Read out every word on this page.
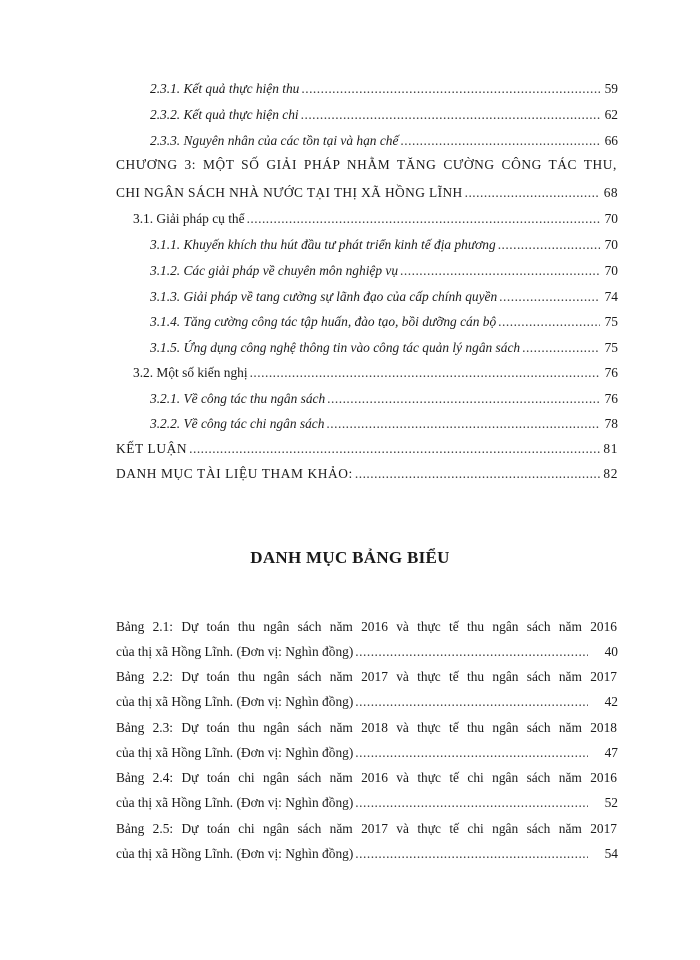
2.3.1. Kết quả thực hiện thu .....	59
2.3.2. Kết quả thực hiện chi .....	62
2.3.3. Nguyên nhân của các tồn tại và hạn chế .....	66
CHƯƠNG 3: MỘT SỐ GIẢI PHÁP NHẰM TĂNG CƯỜNG CÔNG TÁC THU,
CHI NGÂN SÁCH NHÀ NƯỚC TẠI THỊ XÃ HỒNG LĨNH .....	68
3.1. Giải pháp cụ thể .....	70
3.1.1. Khuyến khích thu hút đầu tư phát triển kinh tế địa phương .....	70
3.1.2. Các giải pháp về chuyên môn nghiệp vụ .....	70
3.1.3. Giải pháp về tang cường sự lãnh đạo của cấp chính quyền .....	74
3.1.4. Tăng cường công tác tập huấn, đào tạo, bồi dưỡng cán bộ .....	75
3.1.5. Ứng dụng công nghệ thông tin vào công tác quản lý ngân sách .....	75
3.2. Một số kiến nghị .....	76
3.2.1. Về công tác thu ngân sách .....	76
3.2.2. Về công tác chi ngân sách .....	78
KẾT LUẬN .....	81
DANH MỤC TÀI LIỆU THAM KHẢO: .....	82
DANH MỤC BẢNG BIỂU
Bảng 2.1: Dự toán thu ngân sách năm 2016 và thực tế thu ngân sách năm 2016
của thị xã Hồng Lĩnh. (Đơn vị: Nghìn đồng) .....	40
Bảng 2.2: Dự toán thu ngân sách năm 2017 và thực tế thu ngân sách năm 2017
của thị xã Hồng Lĩnh. (Đơn vị: Nghìn đồng) .....	42
Bảng 2.3: Dự toán thu ngân sách năm 2018 và thực tế thu ngân sách năm 2018
của thị xã Hồng Lĩnh. (Đơn vị: Nghìn đồng) .....	47
Bảng 2.4: Dự toán chi ngân sách năm 2016 và thực tế chi ngân sách năm 2016
của thị xã Hồng Lĩnh. (Đơn vị: Nghìn đồng) .....	52
Bảng 2.5: Dự toán chi ngân sách năm 2017 và thực tế chi ngân sách năm 2017
của thị xã Hồng Lĩnh. (Đơn vị: Nghìn đồng) .....	54
